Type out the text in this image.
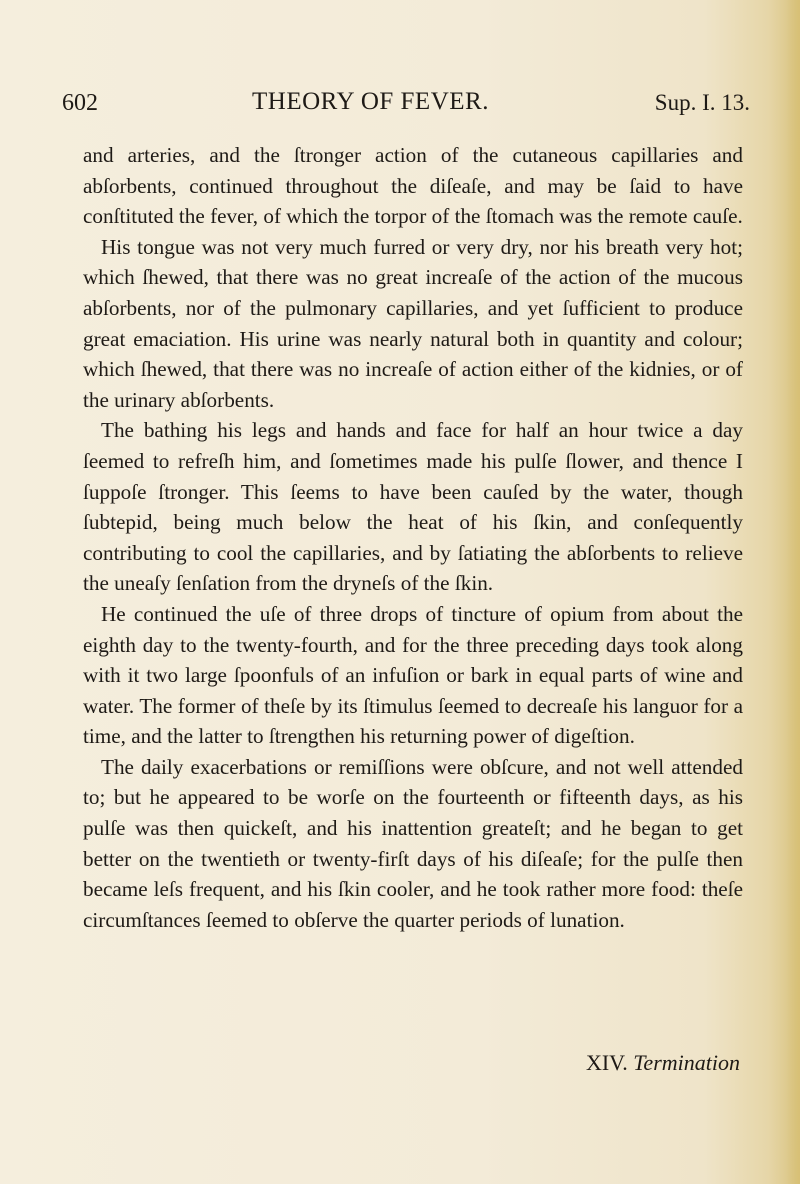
602	THEORY OF FEVER.	Sup. I. 13.

and arteries, and the ſtronger action of the cutaneous capillaries and abſorbents, continued throughout the diſeaſe, and may be ſaid to have conſtituted the fever, of which the torpor of the ſtomach was the remote cauſe.

His tongue was not very much furred or very dry, nor his breath very hot; which ſhewed, that there was no great increaſe of the action of the mucous abſorbents, nor of the pulmonary capillaries, and yet ſufficient to produce great emaciation. His urine was nearly natural both in quantity and colour; which ſhewed, that there was no increaſe of action either of the kidnies, or of the urinary abſorbents.

The bathing his legs and hands and face for half an hour twice a day ſeemed to refreſh him, and ſometimes made his pulſe ſlower, and thence I ſuppoſe ſtronger. This ſeems to have been cauſed by the water, though ſubtepid, being much below the heat of his ſkin, and conſequently contributing to cool the capillaries, and by ſatiating the abſorbents to relieve the uneaſy ſenſation from the dryneſs of the ſkin.

He continued the uſe of three drops of tincture of opium from about the eighth day to the twenty-fourth, and for the three preceding days took along with it two large ſpoonfuls of an infuſion or bark in equal parts of wine and water. The former of theſe by its ſtimulus ſeemed to decreaſe his languor for a time, and the latter to ſtrengthen his returning power of digeſtion.

The daily exacerbations or remiſſions were obſcure, and not well attended to; but he appeared to be worſe on the fourteenth or fifteenth days, as his pulſe was then quickeſt, and his inattention greateſt; and he began to get better on the twentieth or twenty-firſt days of his diſeaſe; for the pulſe then became leſs frequent, and his ſkin cooler, and he took rather more food: theſe circumſtances ſeemed to obſerve the quarter periods of lunation.

XIV. Termination
